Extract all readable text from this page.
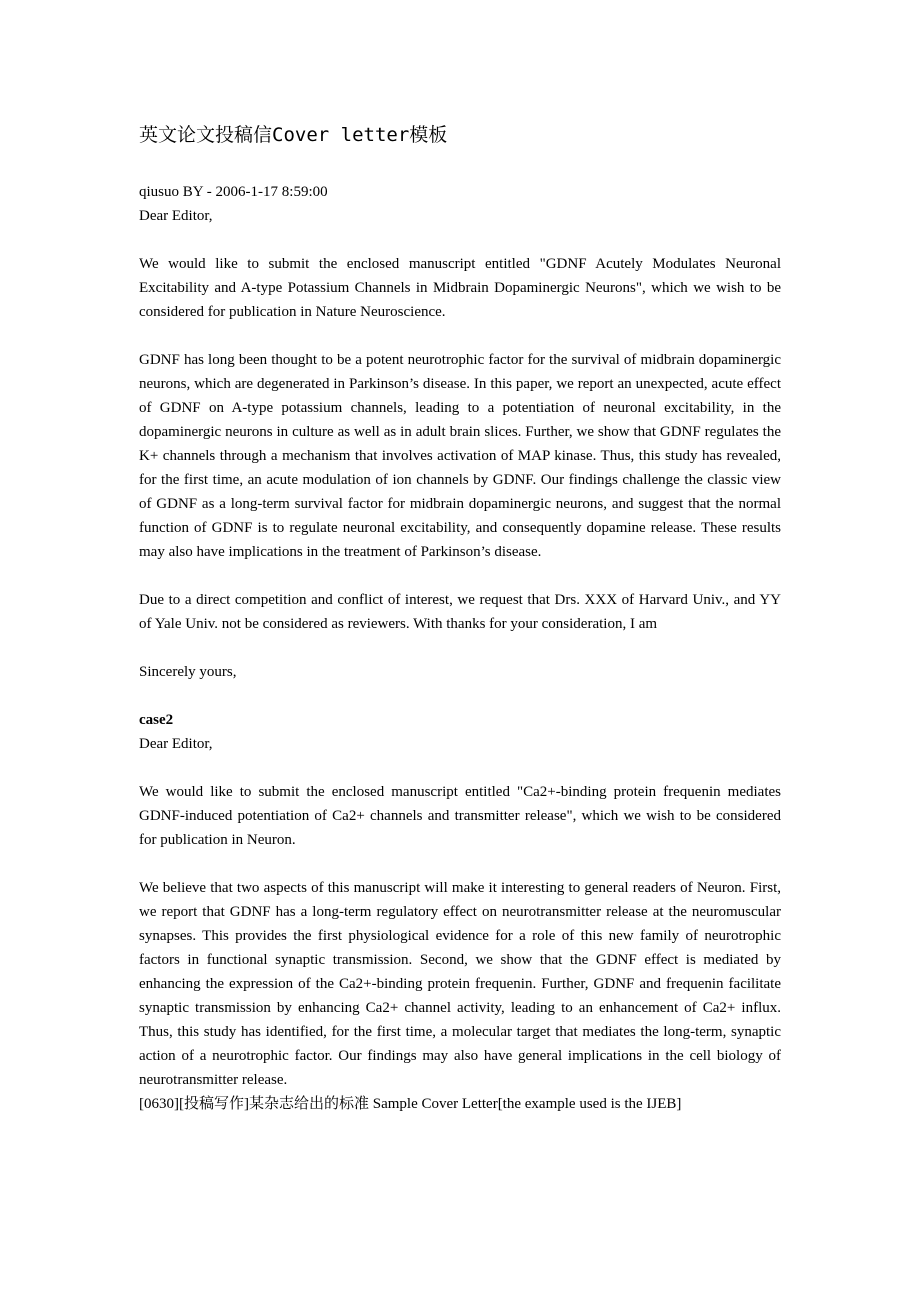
英文论文投稿信Cover letter模板

qiusuo BY - 2006-1-17 8:59:00

Dear Editor,

We would like to submit the enclosed manuscript entitled "GDNF Acutely Modulates Neuronal Excitability and A-type Potassium Channels in Midbrain Dopaminergic Neurons", which we wish to be considered for publication in Nature Neuroscience.

GDNF has long been thought to be a potent neurotrophic factor for the survival of midbrain dopaminergic neurons, which are degenerated in Parkinson’s disease. In this paper, we report an unexpected, acute effect of GDNF on A-type potassium channels, leading to a potentiation of neuronal excitability, in the dopaminergic neurons in culture as well as in adult brain slices. Further, we show that GDNF regulates the K+ channels through a mechanism that involves activation of MAP kinase. Thus, this study has revealed, for the first time, an acute modulation of ion channels by GDNF. Our findings challenge the classic view of GDNF as a long-term survival factor for midbrain dopaminergic neurons, and suggest that the normal function of GDNF is to regulate neuronal excitability, and consequently dopamine release. These results may also have implications in the treatment of Parkinson’s disease.

Due to a direct competition and conflict of interest, we request that Drs. XXX of Harvard Univ., and YY of Yale Univ. not be considered as reviewers. With thanks for your consideration, I am

Sincerely yours,

case2

Dear Editor,

We would like to submit the enclosed manuscript entitled "Ca2+-binding protein frequenin mediates GDNF-induced potentiation of Ca2+ channels and transmitter release", which we wish to be considered for publication in Neuron.

We believe that two aspects of this manuscript will make it interesting to general readers of Neuron. First, we report that GDNF has a long-term regulatory effect on neurotransmitter release at the neuromuscular synapses. This provides the first physiological evidence for a role of this new family of neurotrophic factors in functional synaptic transmission. Second, we show that the GDNF effect is mediated by enhancing the expression of the Ca2+-binding protein frequenin. Further, GDNF and frequenin facilitate synaptic transmission by enhancing Ca2+ channel activity, leading to an enhancement of Ca2+ influx. Thus, this study has identified, for the first time, a molecular target that mediates the long-term, synaptic action of a neurotrophic factor. Our findings may also have general implications in the cell biology of neurotransmitter release.

[0630][投稿写作]某杂志给出的标准 Sample Cover Letter[the example used is the IJEB]
